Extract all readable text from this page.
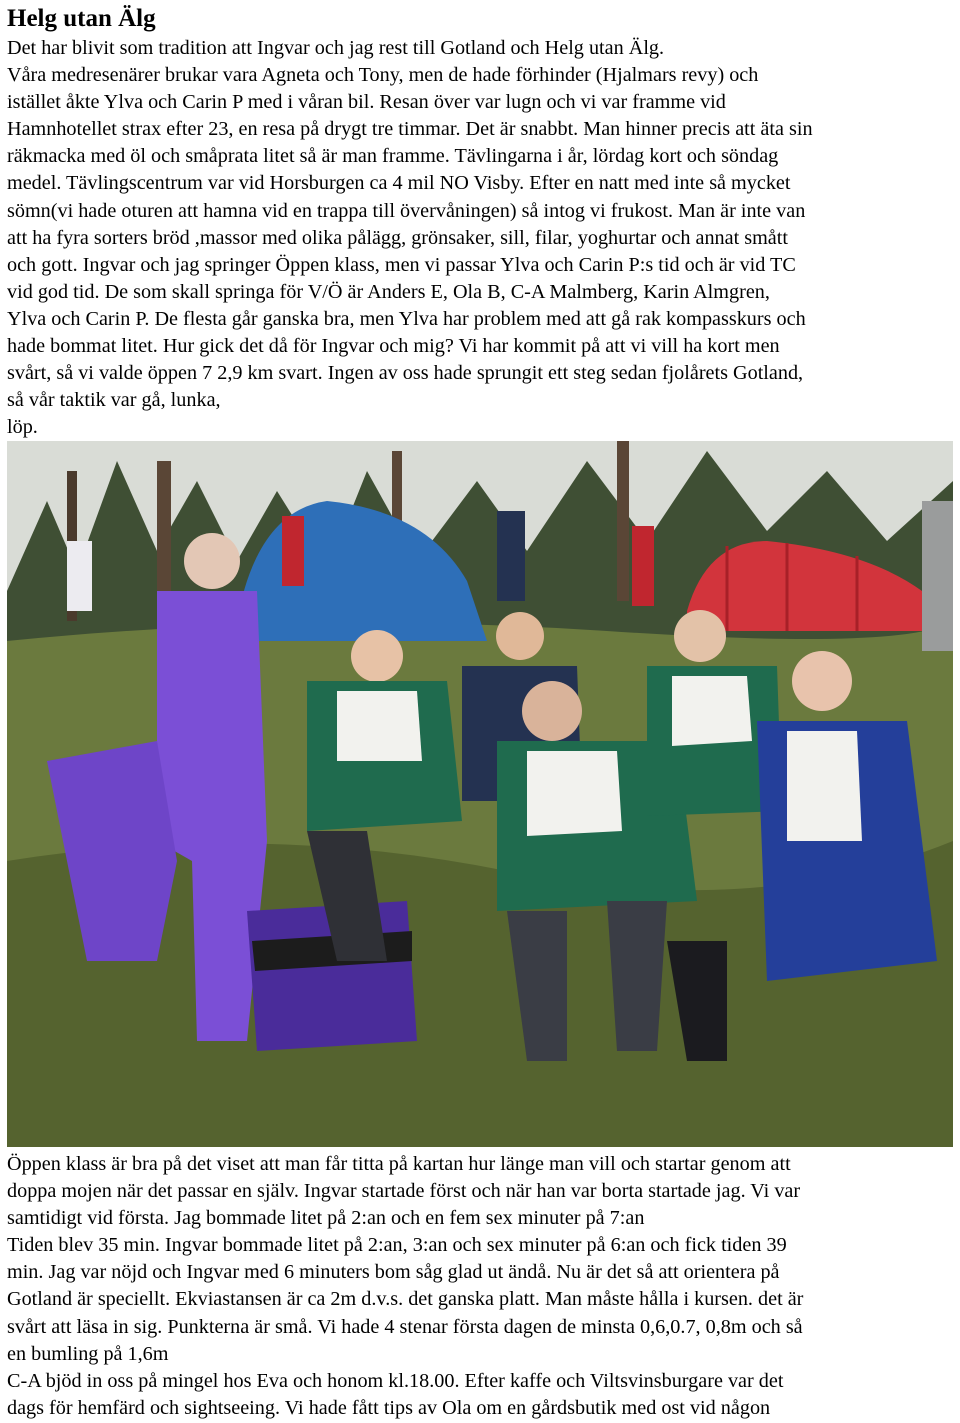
Helg utan Älg
Det har blivit som tradition att Ingvar och jag rest till Gotland och Helg utan Älg.
Våra medresenärer brukar vara Agneta och Tony, men de hade förhinder (Hjalmars revy) och
istället åkte Ylva och Carin P med i våran bil. Resan över var lugn och vi var framme vid
Hamnhotellet strax efter 23, en resa på drygt tre timmar. Det är snabbt. Man hinner precis att äta sin
räkmacka med öl och småprata litet så är man framme. Tävlingarna i år, lördag kort och söndag
medel. Tävlingscentrum var vid Horsburgen ca 4 mil NO Visby. Efter en natt med inte så mycket
sömn(vi hade oturen att hamna vid en trappa till övervåningen) så intog vi frukost. Man är inte van
att ha fyra sorters bröd ,massor med olika pålägg, grönsaker, sill, filar, yoghurtar och annat smått
och gott. Ingvar och jag springer Öppen klass, men vi passar Ylva och Carin P:s tid och är vid TC
vid god tid. De som skall springa för V/Ö är Anders E, Ola B, C-A Malmberg, Karin Almgren,
Ylva och Carin P. De flesta går ganska bra, men Ylva har problem med att gå rak kompasskurs och
hade bommat litet. Hur gick det då för Ingvar och mig? Vi har kommit på att vi vill ha kort men
svårt, så vi valde öppen 7 2,9 km svart. Ingen av oss hade sprungit ett steg sedan fjolårets Gotland,
så vår taktik var gå, lunka,
löp.
Öppen klass är bra på det viset att man får titta på kartan hur länge man vill och startar genom att
doppa mojen när det passar en själv. Ingvar startade först och när han var borta startade jag. Vi var
samtidigt vid första. Jag bommade litet på 2:an och en fem sex minuter på 7:an
Tiden blev 35 min. Ingvar bommade litet på 2:an, 3:an och sex minuter på 6:an och fick tiden 39
min. Jag var nöjd och Ingvar med 6 minuters bom såg glad ut ändå. Nu är det så att orientera på
Gotland är speciellt. Ekviastansen är ca 2m d.v.s. det ganska platt. Man måste hålla i kursen. det är
svårt att läsa in sig. Punkterna är små. Vi hade 4 stenar första dagen de minsta 0,6,0.7, 0,8m och så
en bumling på 1,6m
C-A bjöd in oss på mingel hos Eva och honom kl.18.00. Efter kaffe och Viltsvinsburgare var det
dags för hemfärd och sightseeing. Vi hade fått tips av Ola om en gårdsbutik med ost vid någon
